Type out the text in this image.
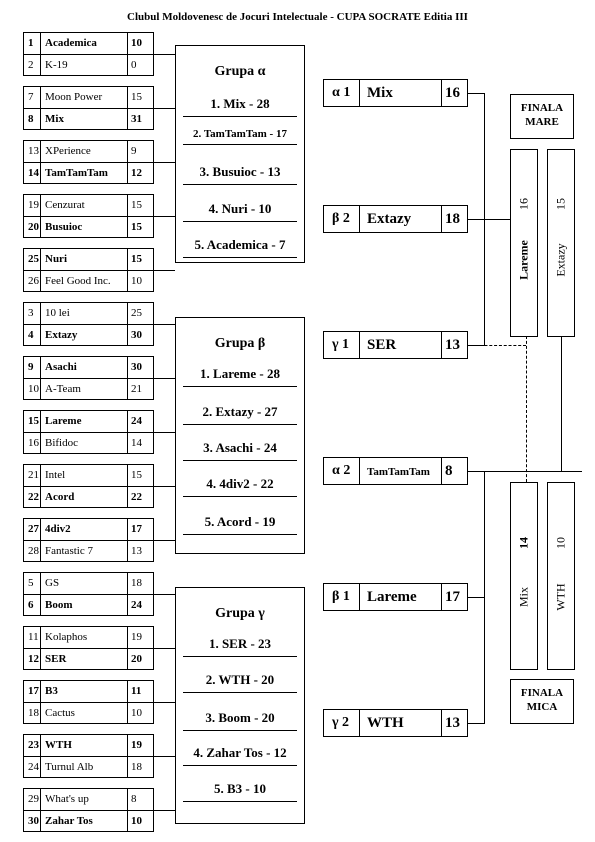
Clubul Moldovenesc de Jocuri Intelectuale - CUPA SOCRATE Editia III
1	Academica	10
2	K-19	0
7	Moon Power	15
8	Mix	31
13 XPerience	9
14 TamTamTam 12
19 Cenzurat	15
20 Busuioc	15
25 Nuri	15
26 Feel Good Inc. 10
3	10 lei	25
4	Extazy	30
9	Asachi	30
10 A-Team	21
15 Lareme	24
16 Bifidoc	14
21 Intel	15
22 Acord	22
27 4div2	17
28 Fantastic 7	13
5	GS	18
6	Boom	24
11 Kolaphos	19
12 SER	20
17 B3	11
18 Cactus	10
23 WTH	19
24 Turnul Alb	18
29 What's up	8
30 Zahar Tos	10
Grupa α
1. Mix - 28
2. TamTamTam - 17
3. Busuioc - 13
4. Nuri - 10
5. Academica - 7
Grupa β
1. Lareme - 28
2. Extazy - 27
3. Asachi - 24
4. 4div2 - 22
5. Acord - 19
Grupa γ
1. SER - 23
2. WTH - 20
3. Boom - 20
4. Zahar Tos - 12
5. B3 - 10
α 1 Mix	16
β 2 Extazy 18
γ 1 SER	13
α 2 TamTamTam 8
β 1 Lareme 17
γ 2 WTH	13
FINALA
MARE
16
Lareme
15
Extazy
14
Mix
10
WTH
FINALA
MICA
